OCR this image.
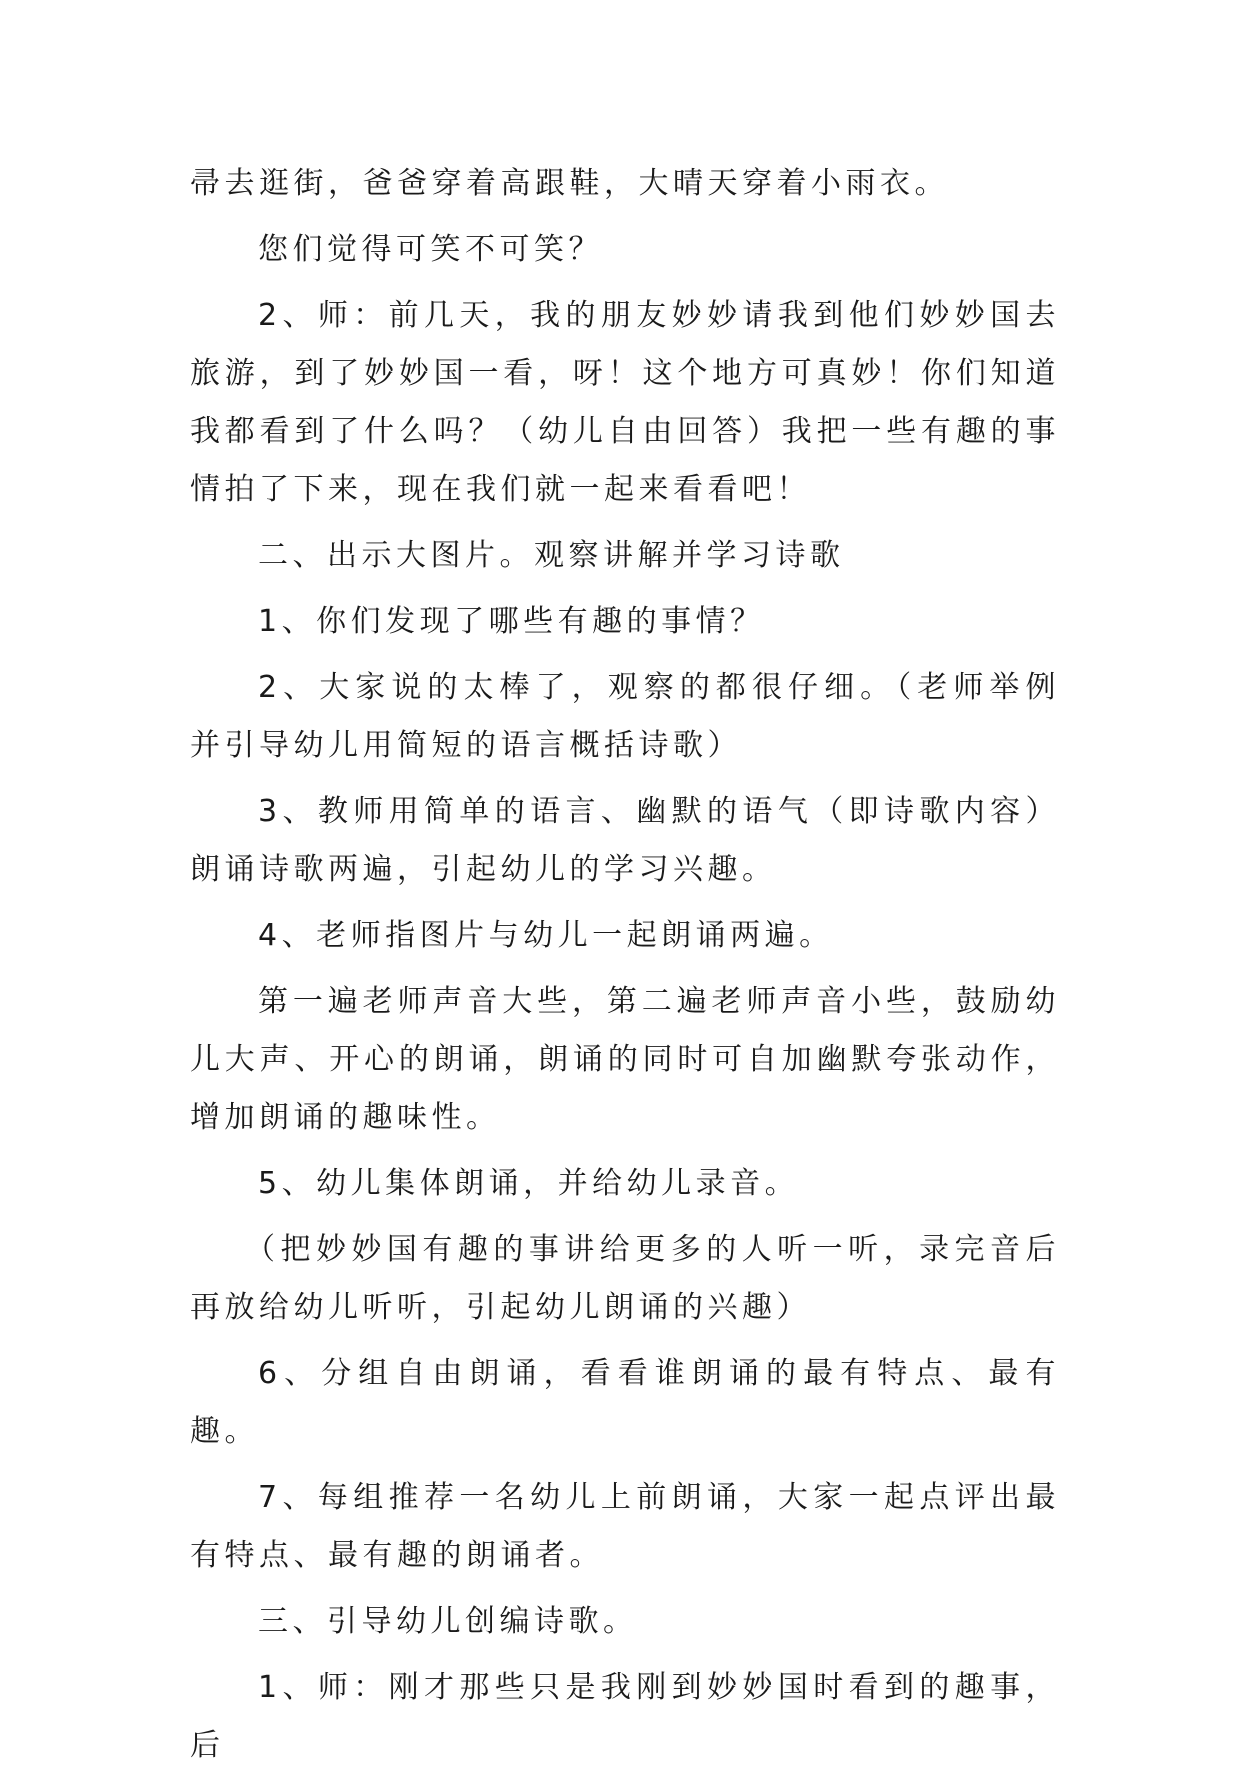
帚去逛街，爸爸穿着高跟鞋，大晴天穿着小雨衣。

您们觉得可笑不可笑？

2、师：前几天，我的朋友妙妙请我到他们妙妙国去旅游，到了妙妙国一看，呀！这个地方可真妙！你们知道我都看到了什么吗？（幼儿自由回答）我把一些有趣的事情拍了下来，现在我们就一起来看看吧！

二、出示大图片。观察讲解并学习诗歌

1、你们发现了哪些有趣的事情？

2、大家说的太棒了，观察的都很仔细。（老师举例并引导幼儿用简短的语言概括诗歌）

3、教师用简单的语言、幽默的语气（即诗歌内容）朗诵诗歌两遍，引起幼儿的学习兴趣。

4、老师指图片与幼儿一起朗诵两遍。

第一遍老师声音大些，第二遍老师声音小些，鼓励幼儿大声、开心的朗诵，朗诵的同时可自加幽默夸张动作，增加朗诵的趣味性。

5、幼儿集体朗诵，并给幼儿录音。

（把妙妙国有趣的事讲给更多的人听一听，录完音后再放给幼儿听听，引起幼儿朗诵的兴趣）

6、分组自由朗诵，看看谁朗诵的最有特点、最有趣。

7、每组推荐一名幼儿上前朗诵，大家一起点评出最有特点、最有趣的朗诵者。

三、引导幼儿创编诗歌。

1、师：刚才那些只是我刚到妙妙国时看到的趣事，后
